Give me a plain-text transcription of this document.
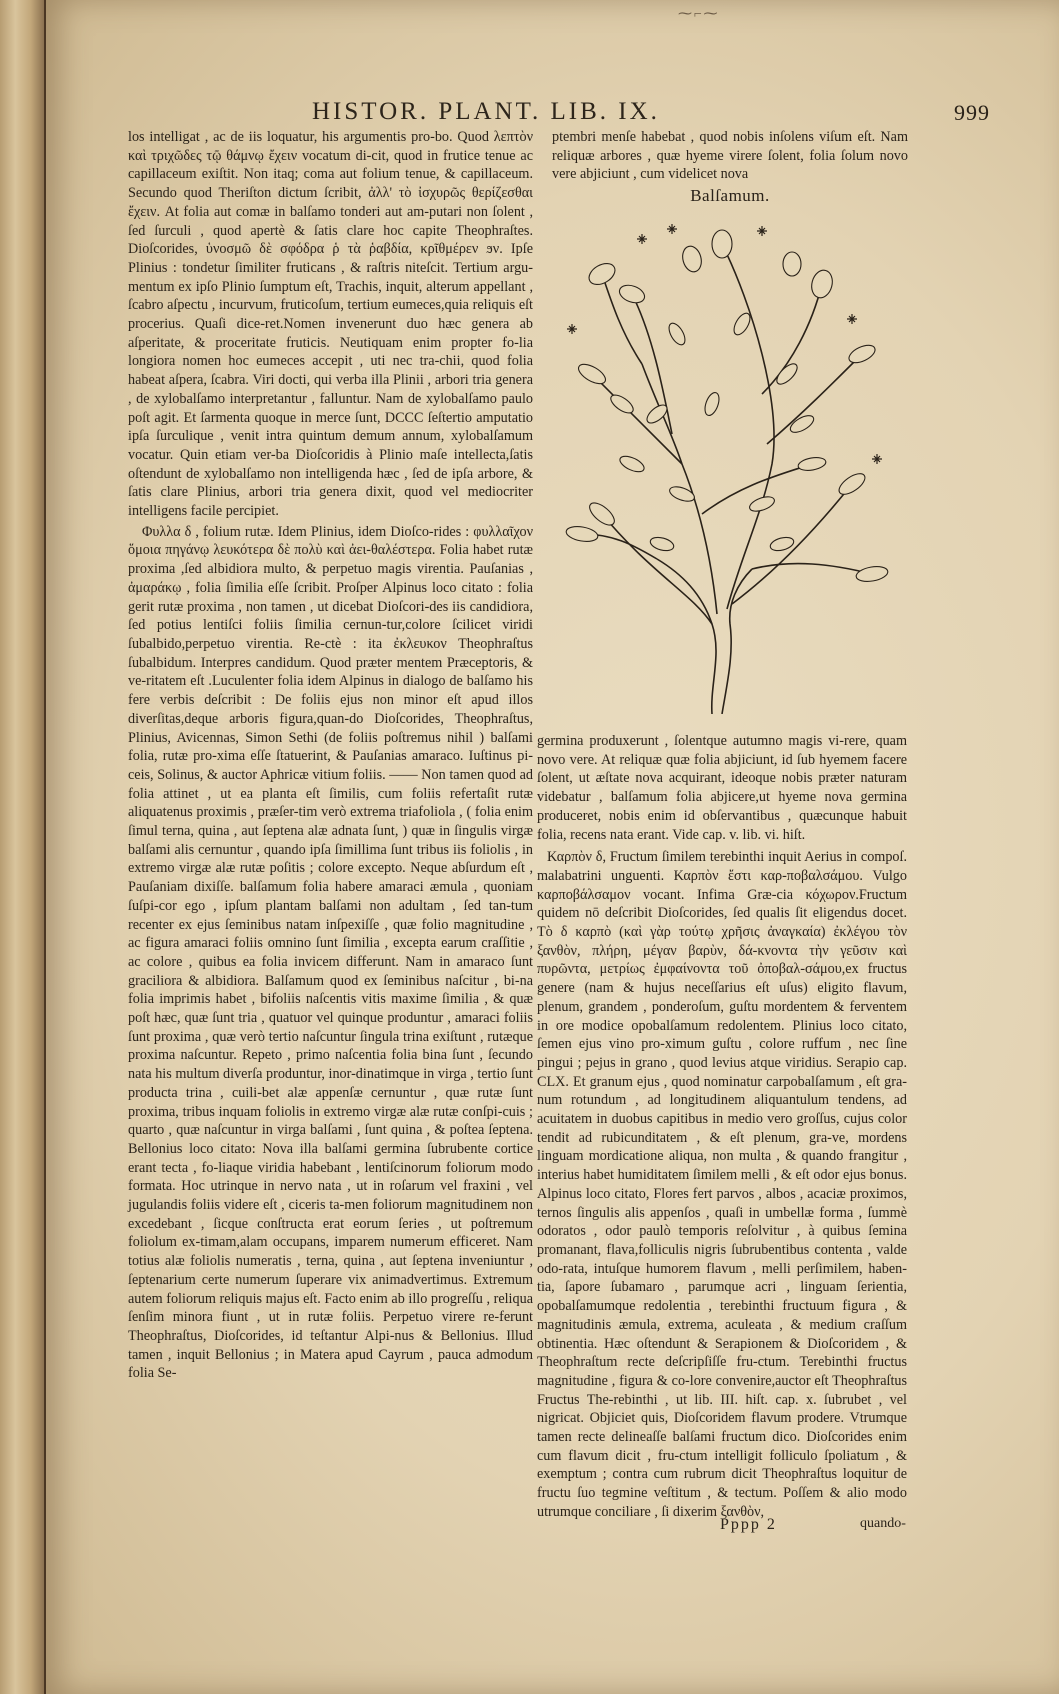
⁓⌐⁓
HISTOR. PLANT. LIB. IX.	999

los intelligat , ac de iis loquatur, his argumentis pro-bo. Quod λεπτὸν καὶ τριχῶδες τῷ θάμνῳ ἔχειν vocatum di-cit, quod in frutice tenue ac capillaceum exiſtit. Non itaq; coma aut folium tenue, & capillaceum. Secundo quod Theriſton dictum ſcribit, ἀλλ' τὸ ἰσχυρῶς θερίζεσθαι ἔχειν. At folia aut comæ in balſamo tonderi aut am-putari non ſolent , ſed ſurculi , quod apertè & ſatis clare hoc capite Theophraſtes. Dioſcorides, ὑνοσμῶ δὲ σφόδρα ῥ τὰ ῥαβδία, κρῖθμέρεν ϧν. Ipſe Plinius : tondetur ſimiliter fruticans , & raſtris niteſcit. Tertium argu-mentum ex ipſo Plinio ſumptum eſt, Trachis, inquit, alterum appellant , ſcabro aſpectu , incurvum, fruticoſum, tertium eumeces,quia reliquis eſt procerius. Quaſi dice-ret.Nomen invenerunt duo hæc genera ab aſperitate, & proceritate fruticis. Neutiquam enim propter fo-lia longiora nomen hoc eumeces accepit , uti nec tra-chii, quod folia habeat aſpera, ſcabra. Viri docti, qui verba illa Plinii , arbori tria genera , de xylobalſamo interpretantur , falluntur. Nam de xylobalſamo paulo poſt agit. Et ſarmenta quoque in merce ſunt, DCCC ſeſtertio amputatio ipſa ſurculique , venit intra quintum demum annum, xylobalſamum vocatur. Quin etiam ver-ba Dioſcoridis à Plinio maſe intellecta,ſatis oſtendunt de xylobalſamo non intelligenda hæc , ſed de ipſa arbore, & ſatis clare Plinius, arbori tria genera dixit, quod vel mediocriter intelligens facile percipiet.

Φυλλα δ , folium rutæ. Idem Plinius, idem Dioſco-rides : φυλλαῖχον ὅμοια πηγάνῳ λευκότερα δὲ πολὺ καὶ ἀει-θαλέστερα. Folia habet rutæ proxima ,ſed albidiora multo, & perpetuo magis virentia. Pauſanias , ἀμαράκῳ , folia ſimilia eſſe ſcribit. Proſper Alpinus loco citato : folia gerit rutæ proxima , non tamen , ut dicebat Dioſcori-des iis candidiora, ſed potius lentiſci foliis ſimilia cernun-tur,colore ſcilicet viridi ſubalbido,perpetuo virentia. Re-ctè : ita ἐκλευκον Theophraſtus ſubalbidum. Interpres candidum. Quod præter mentem Præceptoris, & ve-ritatem eſt .Luculenter folia idem Alpinus in dialogo de balſamo his fere verbis deſcribit : De foliis ejus non minor eſt apud illos diverſitas,deque arboris figura,quan-do Dioſcorides, Theophraſtus, Plinius, Avicennas, Simon Sethi (de foliis poſtremus nihil ) balſami folia, rutæ pro-xima eſſe ſtatuerint, & Pauſanias amaraco. Iuſtinus pi-ceis, Solinus, & auctor Aphricæ vitium foliis. —— Non tamen quod ad folia attinet , ut ea planta eſt ſimilis, cum foliis refertaſit rutæ aliquatenus proximis , præſer-tim verò extrema triafoliola , ( folia enim ſimul terna, quina , aut ſeptena alæ adnata ſunt, ) quæ in ſingulis virgæ balſami alis cernuntur , quando ipſa ſimillima ſunt tribus iis foliolis , in extremo virgæ alæ rutæ poſitis ; colore excepto. Neque abſurdum eſt , Pauſaniam dixiſſe. balſamum folia habere amaraci æmula , quoniam ſuſpi-cor ego , ipſum plantam balſami non adultam , ſed tan-tum recenter ex ejus ſeminibus natam inſpexiſſe , quæ folio magnitudine , ac figura amaraci foliis omnino ſunt ſimilia , excepta earum craſſitie , ac colore , quibus ea folia invicem differunt. Nam in amaraco ſunt graciliora & albidiora. Balſamum quod ex ſeminibus naſcitur , bi-na folia imprimis habet , bifoliis naſcentis vitis maxime ſimilia , & quæ poſt hæc, quæ ſunt tria , quatuor vel quinque produntur , amaraci foliis ſunt proxima , quæ verò tertio naſcuntur ſingula trina exiſtunt , rutæque proxima naſcuntur. Repeto , primo naſcentia folia bina ſunt , ſecundo nata his multum diverſa produntur, inor-dinatimque in virga , tertio ſunt producta trina , cuili-bet alæ appenſæ cernuntur , quæ rutæ ſunt proxima, tribus inquam foliolis in extremo virgæ alæ rutæ conſpi-cuis ; quarto , quæ naſcuntur in virga balſami , ſunt quina , & poſtea ſeptena. Bellonius loco citato: Nova illa balſami germina ſubrubente cortice erant tecta , fo-liaque viridia habebant , lentiſcinorum foliorum modo formata. Hoc utrinque in nervo nata , ut in roſarum vel fraxini , vel jugulandis foliis videre eſt , ciceris ta-men foliorum magnitudinem non excedebant , ſicque conſtructa erat eorum ſeries , ut poſtremum foliolum ex-timam,alam occupans, imparem numerum efficeret. Nam totius alæ foliolis numeratis , terna, quina , aut ſeptena inveniuntur , ſeptenarium certe numerum ſuperare vix animadvertimus. Extremum autem foliorum reliquis majus eſt. Facto enim ab illo progreſſu , reliqua ſenſim minora fiunt , ut in rutæ foliis. Perpetuo virere re-ferunt Theophraſtus, Dioſcorides, id teſtantur Alpi-nus & Bellonius. Illud tamen , inquit Bellonius ; in Matera apud Cayrum , pauca admodum folia Se-

ptembri menſe habebat , quod nobis inſolens viſum eſt. Nam reliquæ arbores , quæ hyeme virere ſolent, folia ſolum novo vere abjiciunt , cum videlicet nova

Balſamum.

germina produxerunt , ſolentque autumno magis vi-rere, quam novo vere. At reliquæ quæ folia abjiciunt, id ſub hyemem facere ſolent, ut æſtate nova acquirant, ideoque nobis præter naturam videbatur , balſamum folia abjicere,ut hyeme nova germina produceret, nobis enim id obſervantibus , quæcunque habuit folia, recens nata erant. Vide cap. v. lib. vi. hiſt.

Καρπὸν δ, Fructum ſimilem terebinthi inquit Aerius in compoſ. malabatrini unguenti. Καρπὸν ἔστι καρ-ποβαλσάμου. Vulgo καρποβάλσαμον vocant. Infima Græ-cia κόχωρον.Fructum quidem nō deſcribit Dioſcorides, ſed qualis ſit eligendus docet. Τὸ δ καρπὸ (καὶ γὰρ τούτῳ χρῆσις ἀναγκαία) ἐκλέγου τὸν ξανθὸν, πλήρη, μέγαν βαρὺν, δά-κνοντα τὴν γεῦσιν καὶ πυρῶντα, μετρίως ἐμφαίνοντα τοῦ ὀποβαλ-σάμου,ex fructus genere (nam & hujus neceſſarius eſt uſus) eligito flavum, plenum, grandem , ponderoſum, guſtu mordentem & ferventem in ore modice opobalſamum redolentem. Plinius loco citato, ſemen ejus vino pro-ximum guſtu , colore ruffum , nec ſine pingui ; pejus in grano , quod levius atque viridius. Serapio cap. CLX. Et granum ejus , quod nominatur carpobalſamum , eſt gra-num rotundum , ad longitudinem aliquantulum tendens, ad acuitatem in duobus capitibus in medio vero groſſus, cujus color tendit ad rubicunditatem , & eſt plenum, gra-ve, mordens linguam mordicatione aliqua, non multa , & quando frangitur , interius habet humiditatem ſimilem melli , & eſt odor ejus bonus. Alpinus loco citato, Flores fert parvos , albos , acaciæ proximos, ternos ſingulis alis appenſos , quaſi in umbellæ forma , ſummè odoratos , odor paulò temporis reſolvitur , à quibus ſemina promanant, flava,folliculis nigris ſubrubentibus contenta , valde odo-rata, intuſque humorem flavum , melli perſimilem, haben-tia, ſapore ſubamaro , parumque acri , linguam ſerientia, opobalſamumque redolentia , terebinthi fructuum figura , & magnitudinis æmula, extrema, aculeata , & medium craſſum obtinentia. Hæc oſtendunt & Serapionem & Dioſcoridem , & Theophraſtum recte deſcripſiſſe fru-ctum. Terebinthi fructus magnitudine , figura & co-lore convenire,auctor eſt Theophraſtus Fructus The-rebinthi , ut lib. III. hiſt. cap. x. ſubrubet , vel nigricat. Objiciet quis, Dioſcoridem flavum prodere. Vtrumque tamen recte delineaſſe balſami fructum dico. Dioſcorides enim cum flavum dicit , fru-ctum intelligit folliculo ſpoliatum , & exemptum ; contra cum rubrum dicit Theophraſtus loquitur de fructu ſuo tegmine veſtitum , & tectum. Poſſem & alio modo utrumque conciliare , ſi dixerim ξανθὸν,

Pppp 2	quando-
